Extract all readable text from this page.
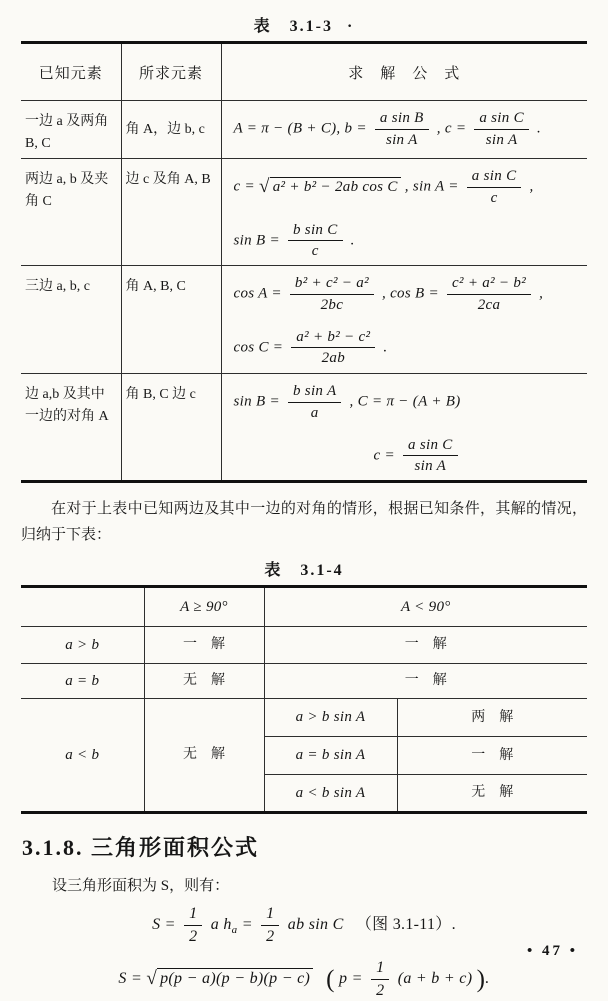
表　3.1-3 ·
已知元素	所求元素	求　解　公　式
一边 a 及两角 B, C	角 A，边 b, c	A = π − (B + C), $b = \frac{\text{a sin B}}{\text{sin A}}$ , $c = \frac{\text{a sin C}}{\text{sin A}}$ .

两边 a, b 及夹角 C	边 c 及角 A, B	c = √ a² + b² − 2ab cos C , $\sin A = \frac{\text{a sin C}}{c}$ ,
$\sin B = \frac{\text{b sin C}}{c}$ .

三边 a, b, c	角 A, B, C	$\cos A = \frac{\text{b² + c² − a²}}{2bc}$ , $\cos B = \frac{\text{c² + a² − b²}}{2ca}$ ,
$\cos C = \frac{\text{a² + b² − c²}}{2ab}$ .

边 a,b 及其中一边的对角 A	角 B, C 边 c	$\sin B = \frac{\text{b sin A}}{a}$ , C = π − (A + B)
$c = \frac{\text{a sin C}}{\text{sin A}}$

在对于上表中已知两边及其中一边的对角的情形，根据已知条件，其解的情况，归纳于下表：

表　3.1-4
	A ≥ 90°	A < 90°	
a > b	一　解	一　解	
a = b	无　解	一　解	
a < b	无　解	a > b sin A	两　解
		a = b sin A	一　解
		a < b sin A	无　解
3.1.8. 三角形面积公式

设三角形面积为 S，则有：

$S = \frac{1}{2}$ a $h_a = \frac{1}{2}$ ab sin C （图 3.1-11）.
S = √ p(p − a)(p − b)(p − c) ( $p = \frac{1}{2} (a + b + c)$ ).
• 47 •
